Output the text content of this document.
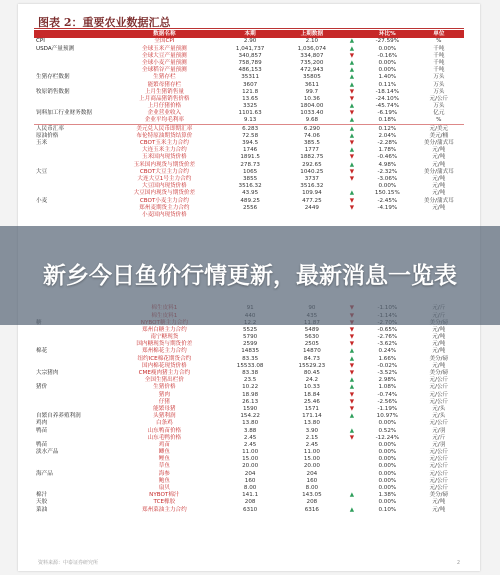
图表 2：重要农业数据汇总
	数据名称	本期	上期数据		环比%	单位
CPI	全国CPI	2.90	2.10	▲	-27.59%	%
USDA产量预测	全球玉米产量预测	1,041,737	1,036,074	▲	0.00%	千吨
	全球大豆产量预测	340,857	334,807	▼	-0.16%	千吨
	全球小麦产量预测	758,789	735,200	▲	0.00%	千吨
	全球稻谷产量预测	486,153	472,943	▲	0.00%	千吨
生猪存栏数据	生猪存栏	35311	35805	▲	1.40%	万头
	能繁母猪存栏	3607	3611	▲	0.11%	万头
牧原销售数据	上月生猪销售量	121.8	99.7	▼	-18.14%	万头
	上月商品猪销售价格	13.65	10.36	▼	-24.10%	元/公斤
	上月仔猪价格	3325	1804.00	▲	-45.74%	万头
饲料加工行业财务数据	企业营业收入	1101.63	1033.40	▼	-6.19%	亿元
	企业平均毛利率	9.13	9.68	▲	0.18%	%
人民币汇率	美元兑人民币即期汇率	6.283	6.290	▲	0.12%	元/美元
原油价格	布伦特原油期货结算价	72.58	74.06	▲	2.04%	美元/桶
玉米	CBOT玉米主力合约	394.5	385.5	▼	-2.28%	美分/蒲式耳
	大连玉米主力合约	1746	1777	▲	1.78%	元/吨
	玉米国内现货价格	1891.5	1882.75	▼	-0.46%	元/吨
	玉米国内现货与期货价差	278.73	292.65	▲	4.98%	元/吨
大豆	CBOT大豆主力合约	1065	1040.25	▼	-2.32%	美分/蒲式耳
	大连大豆1号主力合约	3855	3737	▼	-3.06%	元/吨
	大豆国内现货价格	3516.32	3516.32		0.00%	元/吨
	大豆国内现货与期货价差	43.95	109.94	▲	150.15%	元/吨
小麦	CBOT小麦主力合约	489.25	477.25	▼	-2.45%	美分/蒲式耳
	郑州麦期货主力合约	2556	2449	▼	-4.19%	元/吨
	小麦国内现货价格					

	郑州白糖主力合约	5525	5489	▼	-0.65%	元/吨
	南宁糖现货	5790	5630	▼	-2.76%	元/吨
	国内糖现货与期货价差	2599	2505	▼	-3.62%	元/吨
棉花	郑州棉花主力合约	14835	14870	▲	0.24%	元/吨
	纽约ICE棉花期货合约	83.35	84.73	▲	1.66%	美分/磅
	国内棉花现货价格	15533.08	15529.23	▼	-0.02%	元/吨
大宗猪肉	CME瘦肉猪主力合约	83.38	80.45	▼	-3.52%	美分/磅
	全国生猪出栏价	23.5	24.2	▲	2.98%	元/公斤
猪价	生猪价格	10.22	10.33	▲	1.08%	元/公斤
	猪肉	18.98	18.84	▼	-0.74%	元/公斤
	仔猪	26.13	25.46	▼	-2.56%	元/公斤
	能繁母猪	1590	1571	▼	-1.19%	元/头
自繁自养养殖利润	头猪利润	154.22	171.14	▲	10.97%	元/头
鸡肉	白条鸡	13.80	13.80		0.00%	元/公斤
鸭苗	山东鸭苗价格	3.88	3.90	▲	0.52%	元/羽
	山东毛鸭价格	2.45	2.15	▼	-12.24%	元/斤
鸭苗	鸡苗	2.45	2.45		0.00%	元/羽
淡水产品	鲫鱼	11.00	11.00		0.00%	元/公斤
	鲤鱼	15.00	15.00		0.00%	元/公斤
	草鱼	20.00	20.00		0.00%	元/公斤
海产品	海参	204	204		0.00%	元/公斤
	鲍鱼	160	160		0.00%	元/公斤
	扇贝	8.00	8.00		0.00%	元/公斤
棉汁	NYBOT棉汁	141.1	143.05	▲	1.38%	美分/磅
天胶	TCE橡胶	208	208		0.00%	元/吨
菜油	郑州菜油主力合约	6310	6316	▲	0.10%	元/吨
资料来源：中泰证券研究所	2
新乡今日鱼价行情更新，最新消息一览表
